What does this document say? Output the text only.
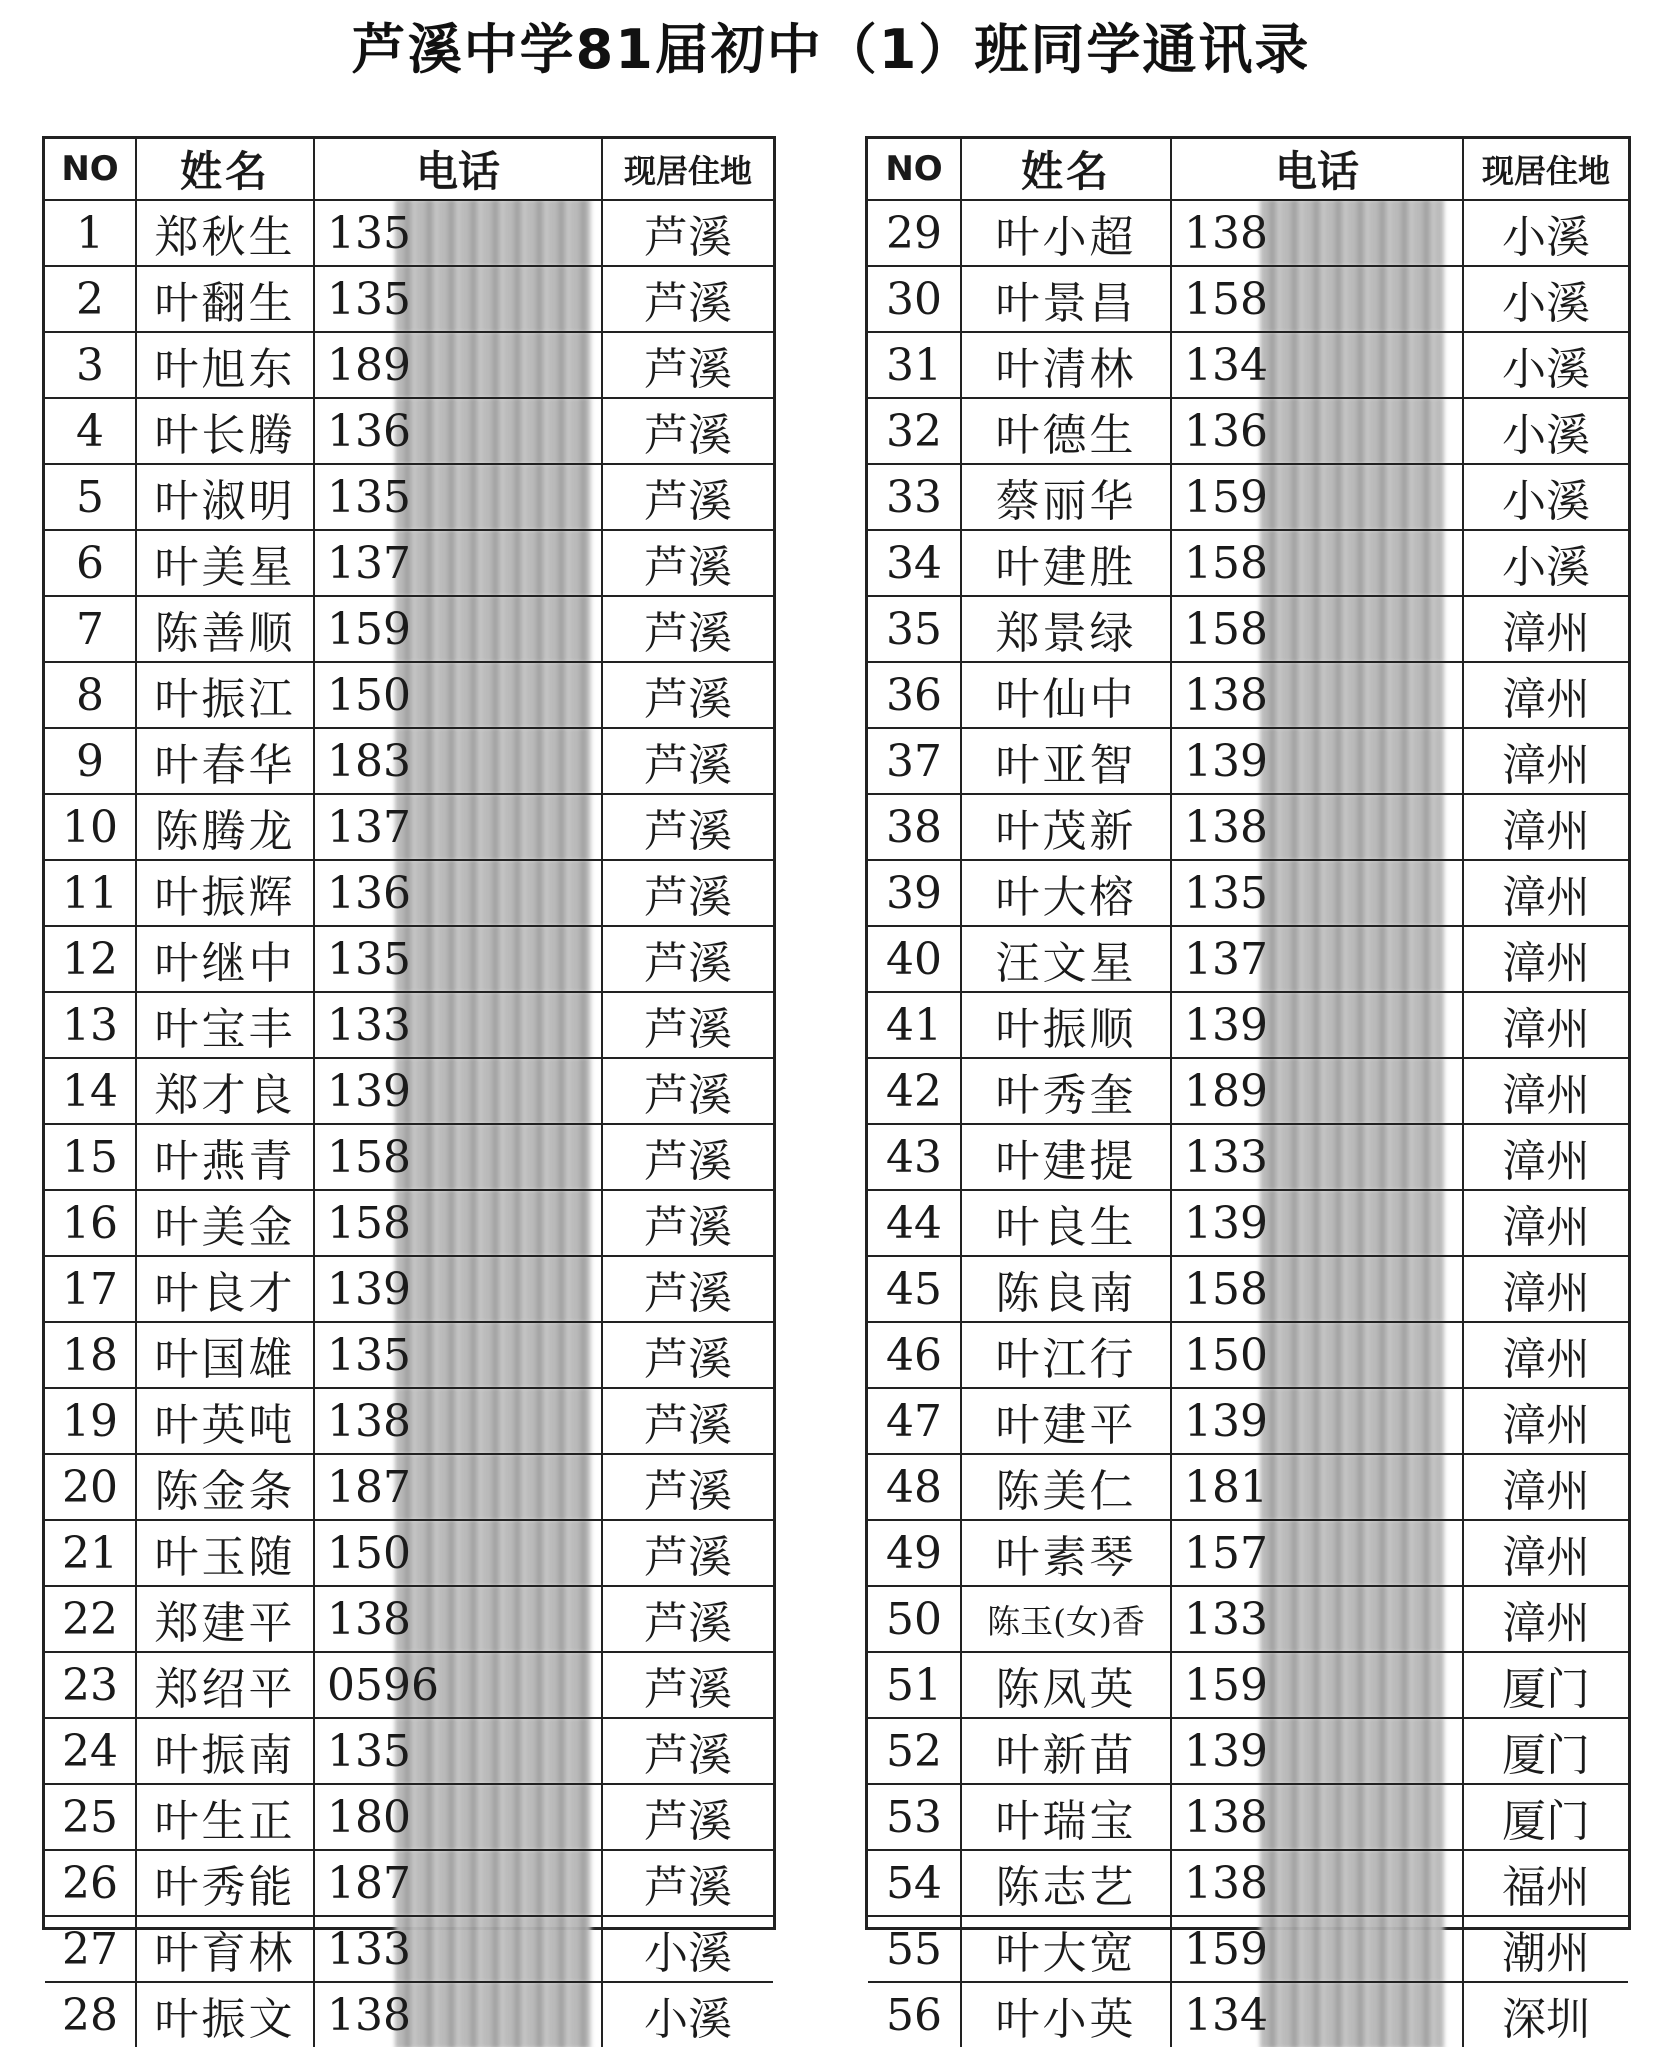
芦溪中学81届初中（1）班同学通讯录
NO	姓名	电话	现居住地
1	郑秋生 135	芦溪
2	叶翻生 135	芦溪
3	叶旭东 189	芦溪
4	叶长腾 136	芦溪
5	叶淑明 135	芦溪
6	叶美星 137	芦溪
7	陈善顺 159	芦溪
8	叶振江 150	芦溪
9	叶春华 183	芦溪
10 陈腾龙 137	芦溪
11 叶振辉 136	芦溪
12 叶继中 135	芦溪
13 叶宝丰 133	芦溪
14 郑才良 139	芦溪
15 叶燕青 158	芦溪
16 叶美金 158	芦溪
17 叶良才 139	芦溪
18 叶国雄 135	芦溪
19 叶英吨 138	芦溪
20 陈金条 187	芦溪
21 叶玉随 150	芦溪
22 郑建平 138	芦溪
23 郑绍平 0596	芦溪
24 叶振南 135	芦溪
25 叶生正 180	芦溪
26 叶秀能 187	芦溪
27 叶育林 133	小溪
28 叶振文 138	小溪
NO	姓名	电话	现居住地
29	叶小超	138	小溪
30	叶景昌	158	小溪
31	叶清林	134	小溪
32	叶德生	136	小溪
33	蔡丽华	159	小溪
34	叶建胜	158	小溪
35	郑景绿	158	漳州
36	叶仙中	138	漳州
37	叶亚智	139	漳州
38	叶茂新	138	漳州
39	叶大榕	135	漳州
40	汪文星	137	漳州
41	叶振顺	139	漳州
42	叶秀奎	189	漳州
43	叶建提	133	漳州
44	叶良生	139	漳州
45	陈良南	158	漳州
46	叶江行	150	漳州
47	叶建平	139	漳州
48	陈美仁	181	漳州
49	叶素琴	157	漳州
50	陈玉(女)香 133	漳州
51	陈凤英	159	厦门
52	叶新苗	139	厦门
53	叶瑞宝	138	厦门
54	陈志艺	138	福州
55	叶大宽	159	潮州
56	叶小英	134	深圳
